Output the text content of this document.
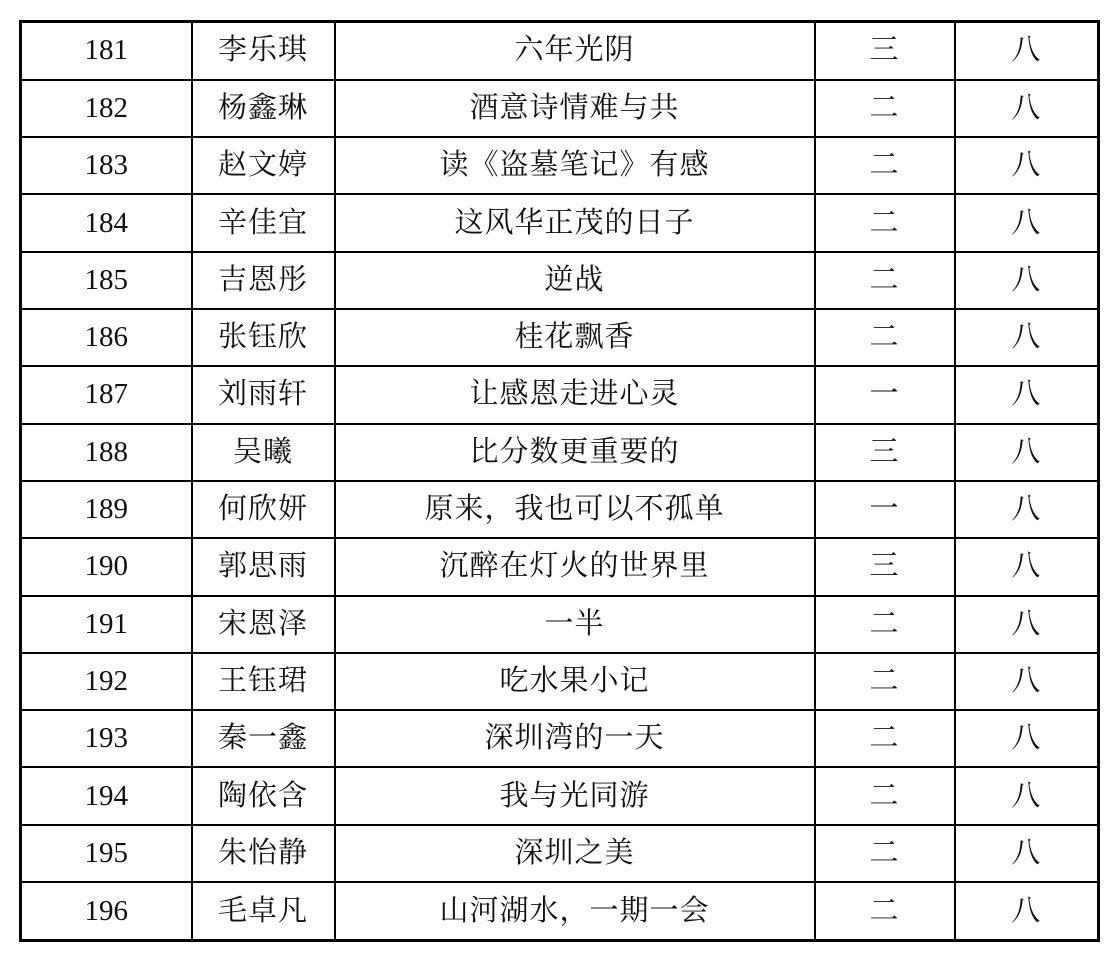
181	李乐琪	六年光阴	三	八
182	杨鑫琳	酒意诗情难与共	二	八
183	赵文婷	读《盗墓笔记》有感	二	八
184	辛佳宜	这风华正茂的日子	二	八
185	吉恩彤	逆战	二	八
186	张钰欣	桂花飘香	二	八
187	刘雨轩	让感恩走进心灵	一	八
188	吴曦	比分数更重要的	三	八
189	何欣妍	原来，我也可以不孤单	一	八
190	郭思雨	沉醉在灯火的世界里	三	八
191	宋恩泽	一半	二	八
192	王钰珺	吃水果小记	二	八
193	秦一鑫	深圳湾的一天	二	八
194	陶依含	我与光同游	二	八
195	朱怡静	深圳之美	二	八
196	毛卓凡	山河湖水，一期一会	二	八
